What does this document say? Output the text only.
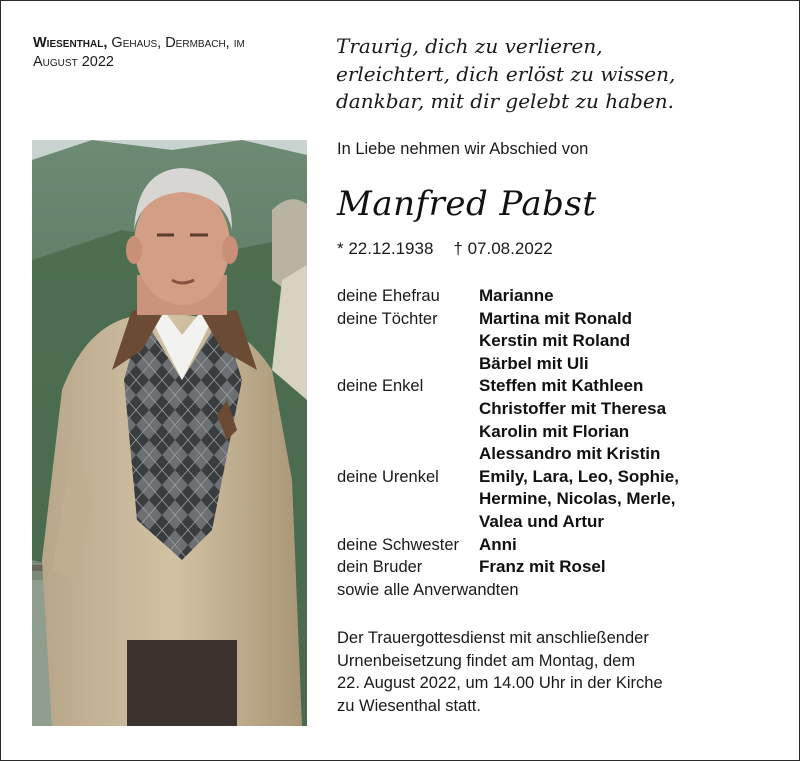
Wiesenthal, Gehaus, Dermbach, im
August 2022
Traurig, dich zu verlieren,
erleichtert, dich erlöst zu wissen,
dankbar, mit dir gelebt zu haben.
In Liebe nehmen wir Abschied von
Manfred Pabst
* 22.12.1938 † 07.08.2022
deine Ehefrau	Marianne
deine Töchter	Martina mit Ronald
Kerstin mit Roland
Bärbel mit Uli
deine Enkel	Steffen mit Kathleen
Christoffer mit Theresa
Karolin mit Florian
Alessandro mit Kristin
deine Urenkel	Emily, Lara, Leo, Sophie,
Hermine, Nicolas, Merle,
Valea und Artur
deine Schwester	Anni
dein Bruder	Franz mit Rosel
sowie alle Anverwandten
Der Trauergottesdienst mit anschließender
Urnenbeisetzung findet am Montag, dem
22. August 2022, um 14.00 Uhr in der Kirche
zu Wiesenthal statt.
